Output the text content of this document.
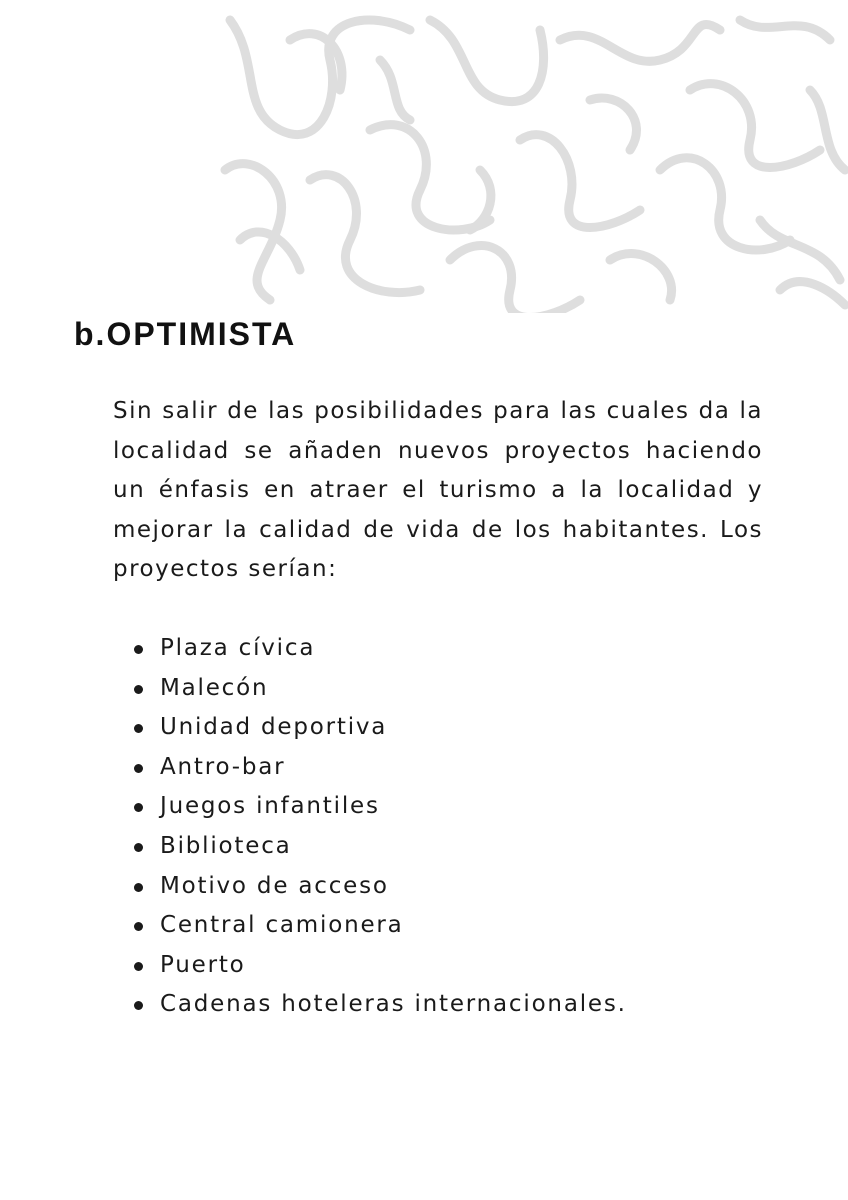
b.OPTIMISTA

Sin salir de las posibilidades para las cuales da la localidad se añaden nuevos proyectos haciendo un énfasis en atraer el turismo a la localidad y mejorar la calidad de vida de los habitantes. Los proyectos serían:

Plaza cívica
Malecón
Unidad deportiva
Antro-bar
Juegos infantiles
Biblioteca
Motivo de acceso
Central camionera
Puerto
Cadenas hoteleras internacionales.
